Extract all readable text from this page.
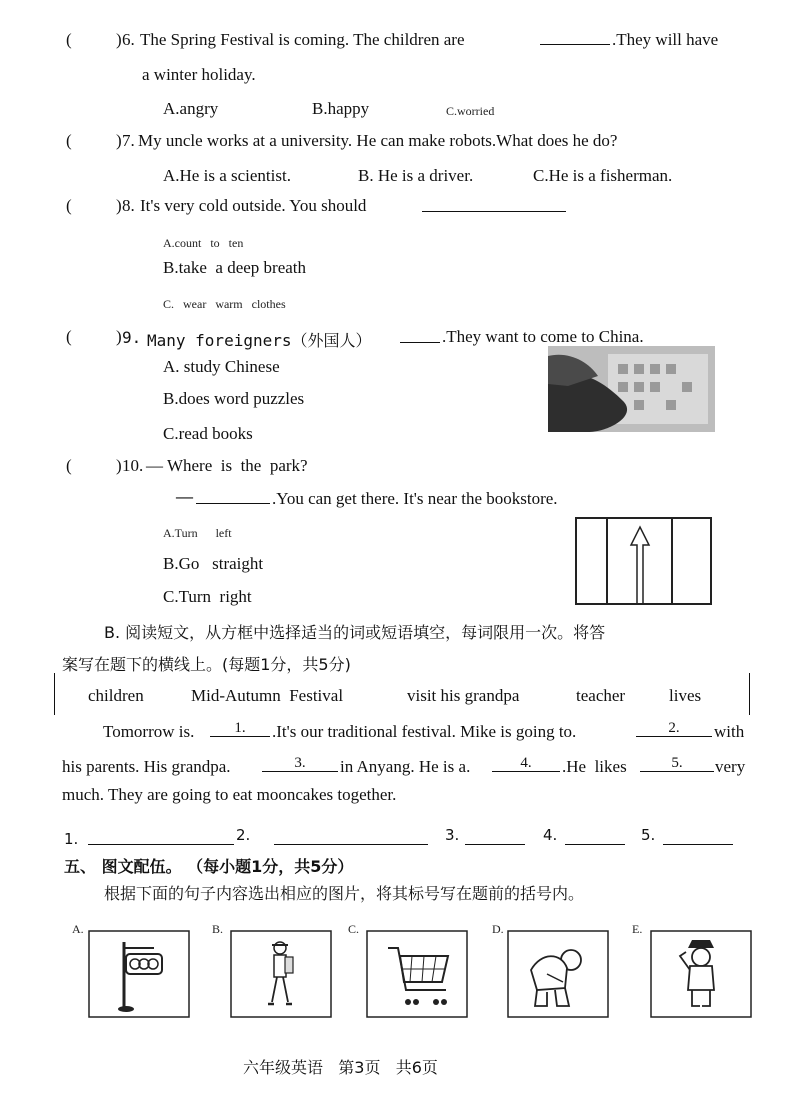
(	) 6. The Spring Festival is coming. The children are	.They will have
a winter holiday.
A.angry	B.happy	C.worried
(	) 7. My uncle works at a university. He can make robots.What does he do?
A.He is a scientist.	B. He is a driver.	C.He is a fisherman.
(	) 8. It's very cold outside. You should
A.count   to   ten
B.take  a deep breath
C.   wear   warm   clothes
(	) 9. Many foreigners（外国人）	.They want to come to China.
A. study Chinese
B.does word puzzles
C.read books
(	) 10. — Where  is  the  park?
—	.You can get there. It's near the bookstore.
A.Turn      left
B.Go   straight
C.Turn  right
B. 阅读短文，从方框中选择适当的词或短语填空，每词限用一次。将答
案写在题下的横线上。(每题1分，共5分)
children	Mid-Autumn  Festival	visit his grandpa	teacher	lives
Tomorrow is.	1.	.It's our traditional festival. Mike is going to.	2.	with
his parents. His grandpa.	3.	in Anyang. He is a.	4.	.He  likes	5.	very
much. They are going to eat mooncakes together.
1.	2.	3.	4.	5.
五、 图文配伍。 （每小题1分，共5分）
根据下面的句子内容选出相应的图片，将其标号写在题前的括号内。
A.	B.	C.	D.	E.
六年级英语   第3页   共6页
